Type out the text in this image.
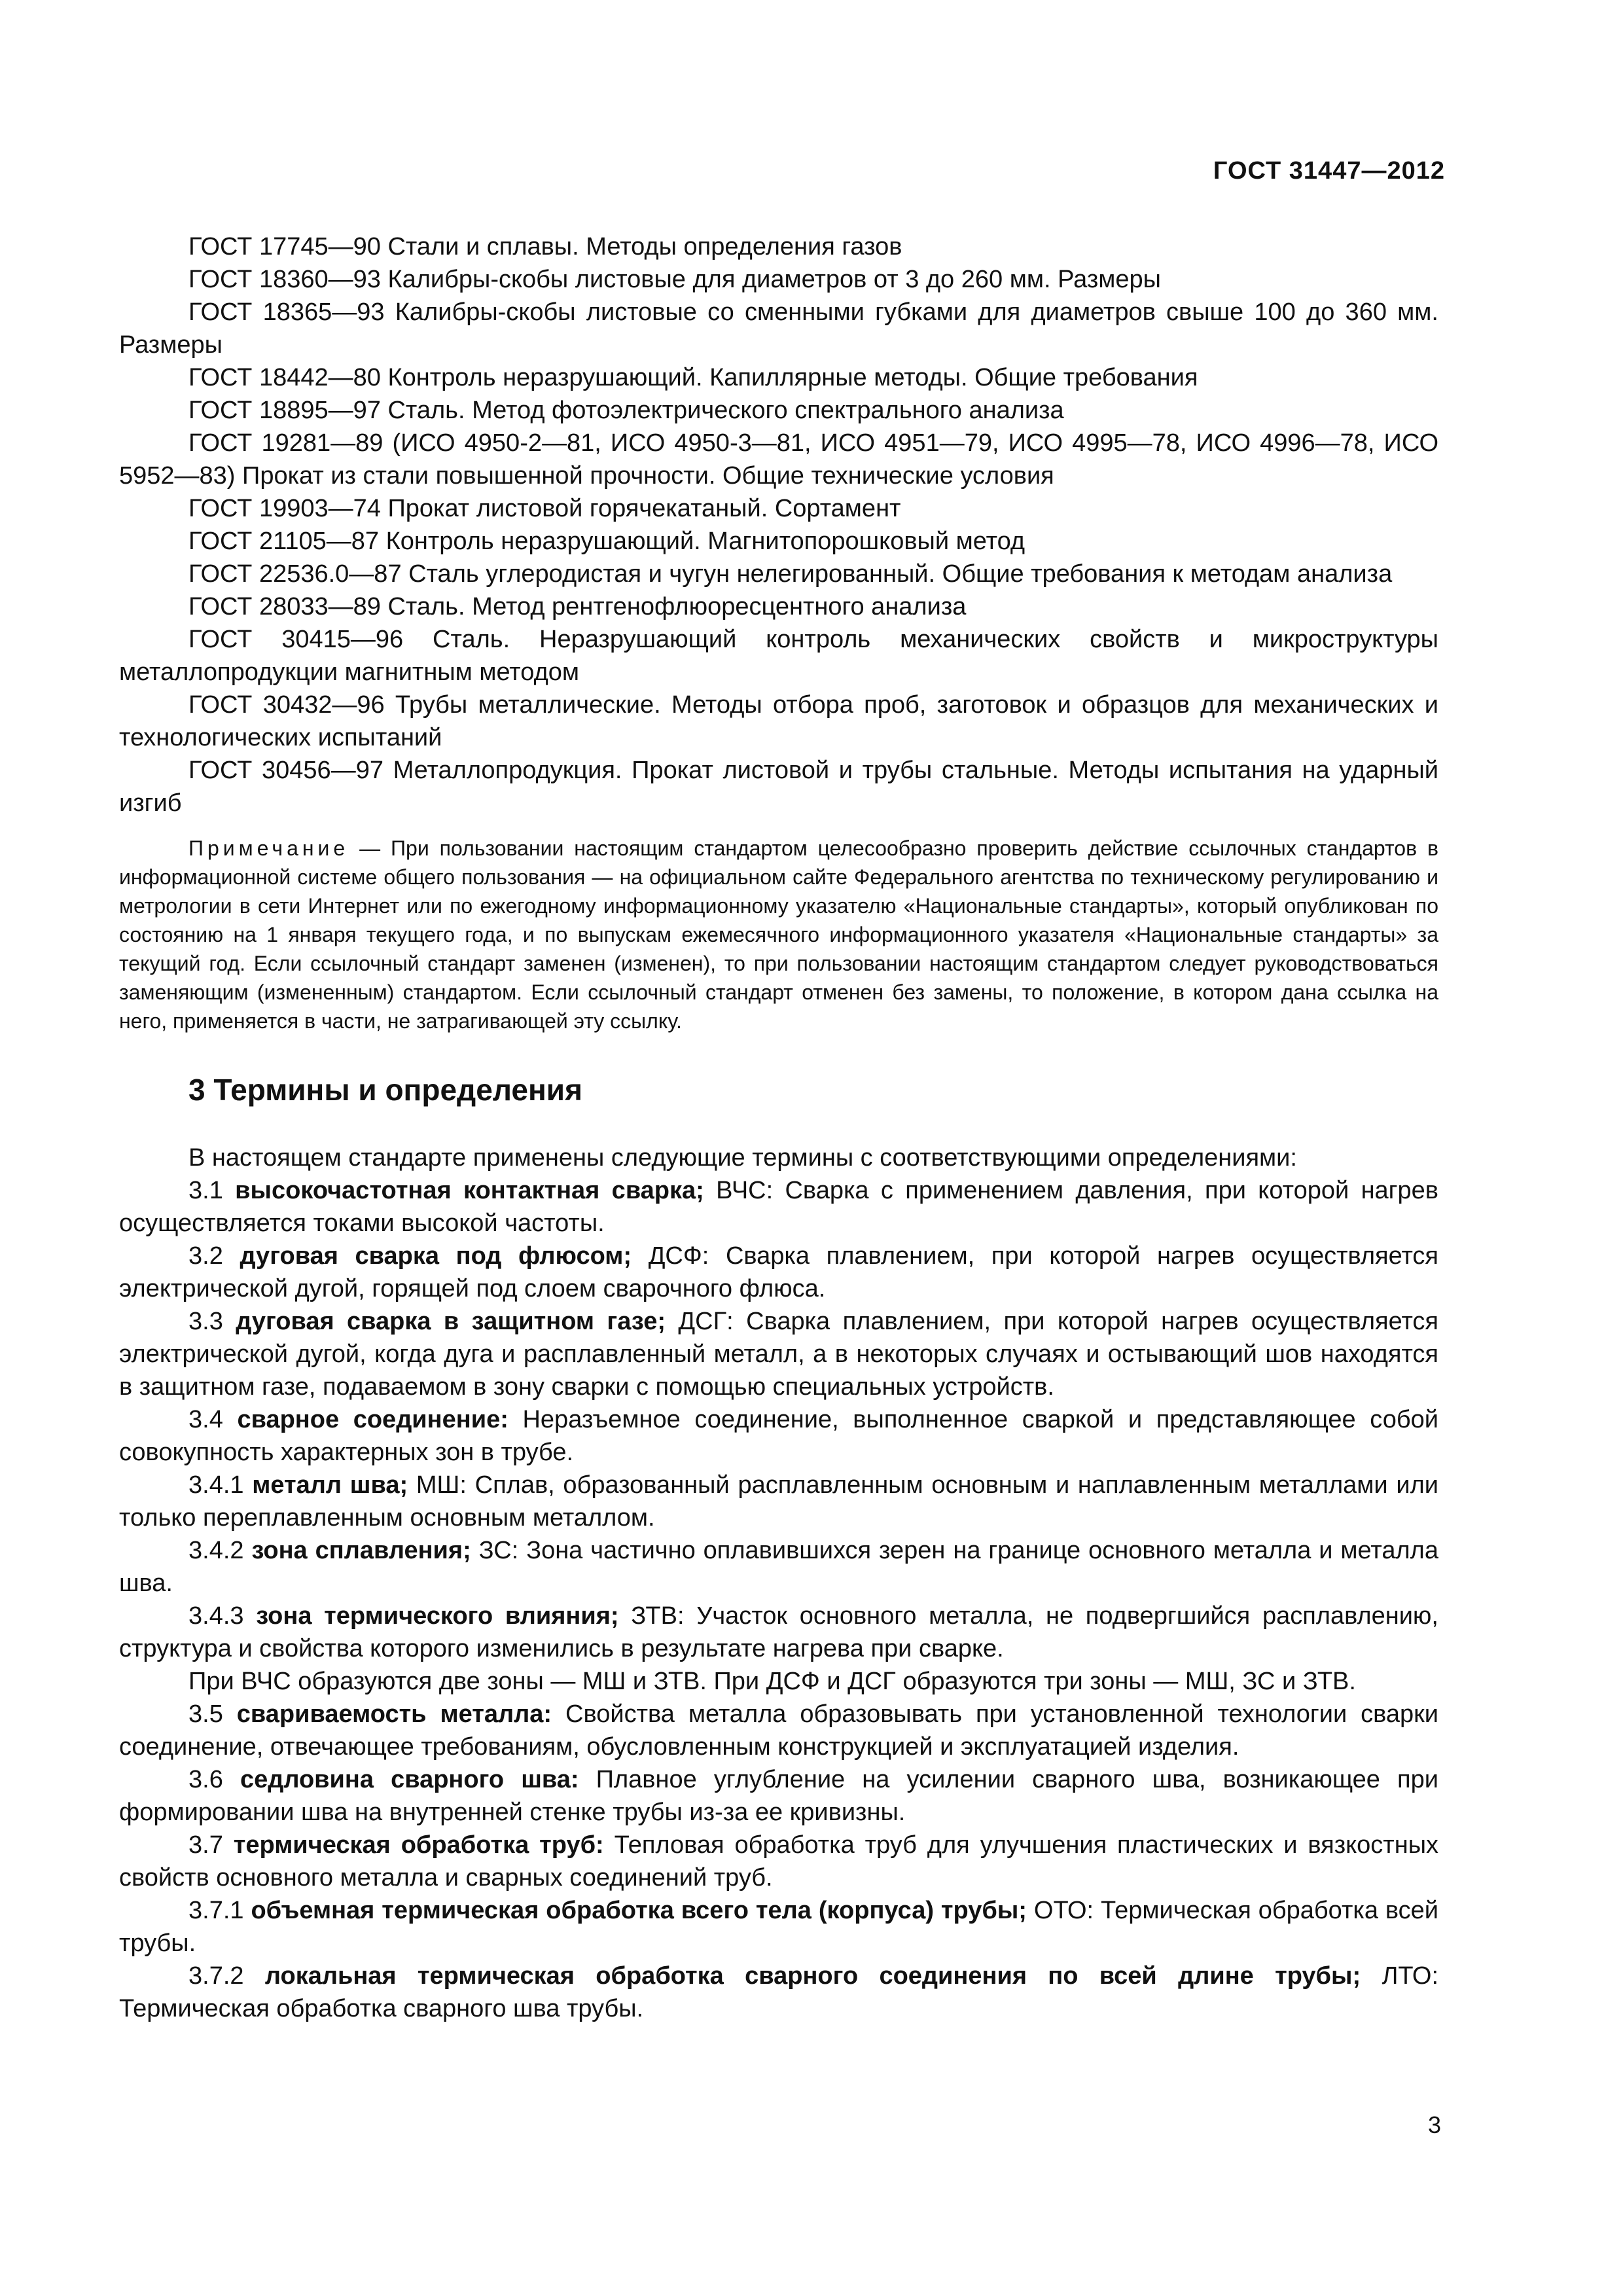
ГОСТ 31447—2012

ГОСТ 17745—90 Стали и сплавы. Методы определения газов

ГОСТ 18360—93 Калибры-скобы листовые для диаметров от 3 до 260 мм. Размеры

ГОСТ 18365—93 Калибры-скобы листовые со сменными губками для диаметров свыше 100 до 360 мм. Размеры

ГОСТ 18442—80 Контроль неразрушающий. Капиллярные методы. Общие требования

ГОСТ 18895—97 Сталь. Метод фотоэлектрического спектрального анализа

ГОСТ 19281—89 (ИСО 4950-2—81, ИСО 4950-3—81, ИСО 4951—79, ИСО 4995—78, ИСО 4996—78, ИСО 5952—83) Прокат из стали повышенной прочности. Общие технические условия

ГОСТ 19903—74 Прокат листовой горячекатаный. Сортамент

ГОСТ 21105—87 Контроль неразрушающий. Магнитопорошковый метод

ГОСТ 22536.0—87 Сталь углеродистая и чугун нелегированный. Общие требования к методам анализа

ГОСТ 28033—89 Сталь. Метод рентгенофлюоресцентного анализа

ГОСТ 30415—96 Сталь. Неразрушающий контроль механических свойств и микроструктуры металлопродукции магнитным методом

ГОСТ 30432—96 Трубы металлические. Методы отбора проб, заготовок и образцов для механических и технологических испытаний

ГОСТ 30456—97 Металлопродукция. Прокат листовой и трубы стальные. Методы испытания на ударный изгиб

Примечание — При пользовании настоящим стандартом целесообразно проверить действие ссылочных стандартов в информационной системе общего пользования — на официальном сайте Федерального агентства по техническому регулированию и метрологии в сети Интернет или по ежегодному информационному указателю «Национальные стандарты», который опубликован по состоянию на 1 января текущего года, и по выпускам ежемесячного информационного указателя «Национальные стандарты» за текущий год. Если ссылочный стандарт заменен (изменен), то при пользовании настоящим стандартом следует руководствоваться заменяющим (измененным) стандартом. Если ссылочный стандарт отменен без замены, то положение, в котором дана ссылка на него, применяется в части, не затрагивающей эту ссылку.

3 Термины и определения

В настоящем стандарте применены следующие термины с соответствующими определениями:

3.1 высокочастотная контактная сварка; ВЧС: Сварка с применением давления, при которой нагрев осуществляется токами высокой частоты.

3.2 дуговая сварка под флюсом; ДСФ: Сварка плавлением, при которой нагрев осуществляется электрической дугой, горящей под слоем сварочного флюса.

3.3 дуговая сварка в защитном газе; ДСГ: Сварка плавлением, при которой нагрев осуществляется электрической дугой, когда дуга и расплавленный металл, а в некоторых случаях и остывающий шов находятся в защитном газе, подаваемом в зону сварки с помощью специальных устройств.

3.4 сварное соединение: Неразъемное соединение, выполненное сваркой и представляющее собой совокупность характерных зон в трубе.

3.4.1 металл шва; МШ: Сплав, образованный расплавленным основным и наплавленным металлами или только переплавленным основным металлом.

3.4.2 зона сплавления; ЗС: Зона частично оплавившихся зерен на границе основного металла и металла шва.

3.4.3 зона термического влияния; ЗТВ: Участок основного металла, не подвергшийся расплавлению, структура и свойства которого изменились в результате нагрева при сварке.

При ВЧС образуются две зоны — МШ и ЗТВ. При ДСФ и ДСГ образуются три зоны — МШ, ЗС и ЗТВ.

3.5 свариваемость металла: Свойства металла образовывать при установленной технологии сварки соединение, отвечающее требованиям, обусловленным конструкцией и эксплуатацией изделия.

3.6 седловина сварного шва: Плавное углубление на усилении сварного шва, возникающее при формировании шва на внутренней стенке трубы из-за ее кривизны.

3.7 термическая обработка труб: Тепловая обработка труб для улучшения пластических и вязкостных свойств основного металла и сварных соединений труб.

3.7.1 объемная термическая обработка всего тела (корпуса) трубы; ОТО: Термическая обработка всей трубы.

3.7.2 локальная термическая обработка сварного соединения по всей длине трубы; ЛТО: Термическая обработка сварного шва трубы.

3
